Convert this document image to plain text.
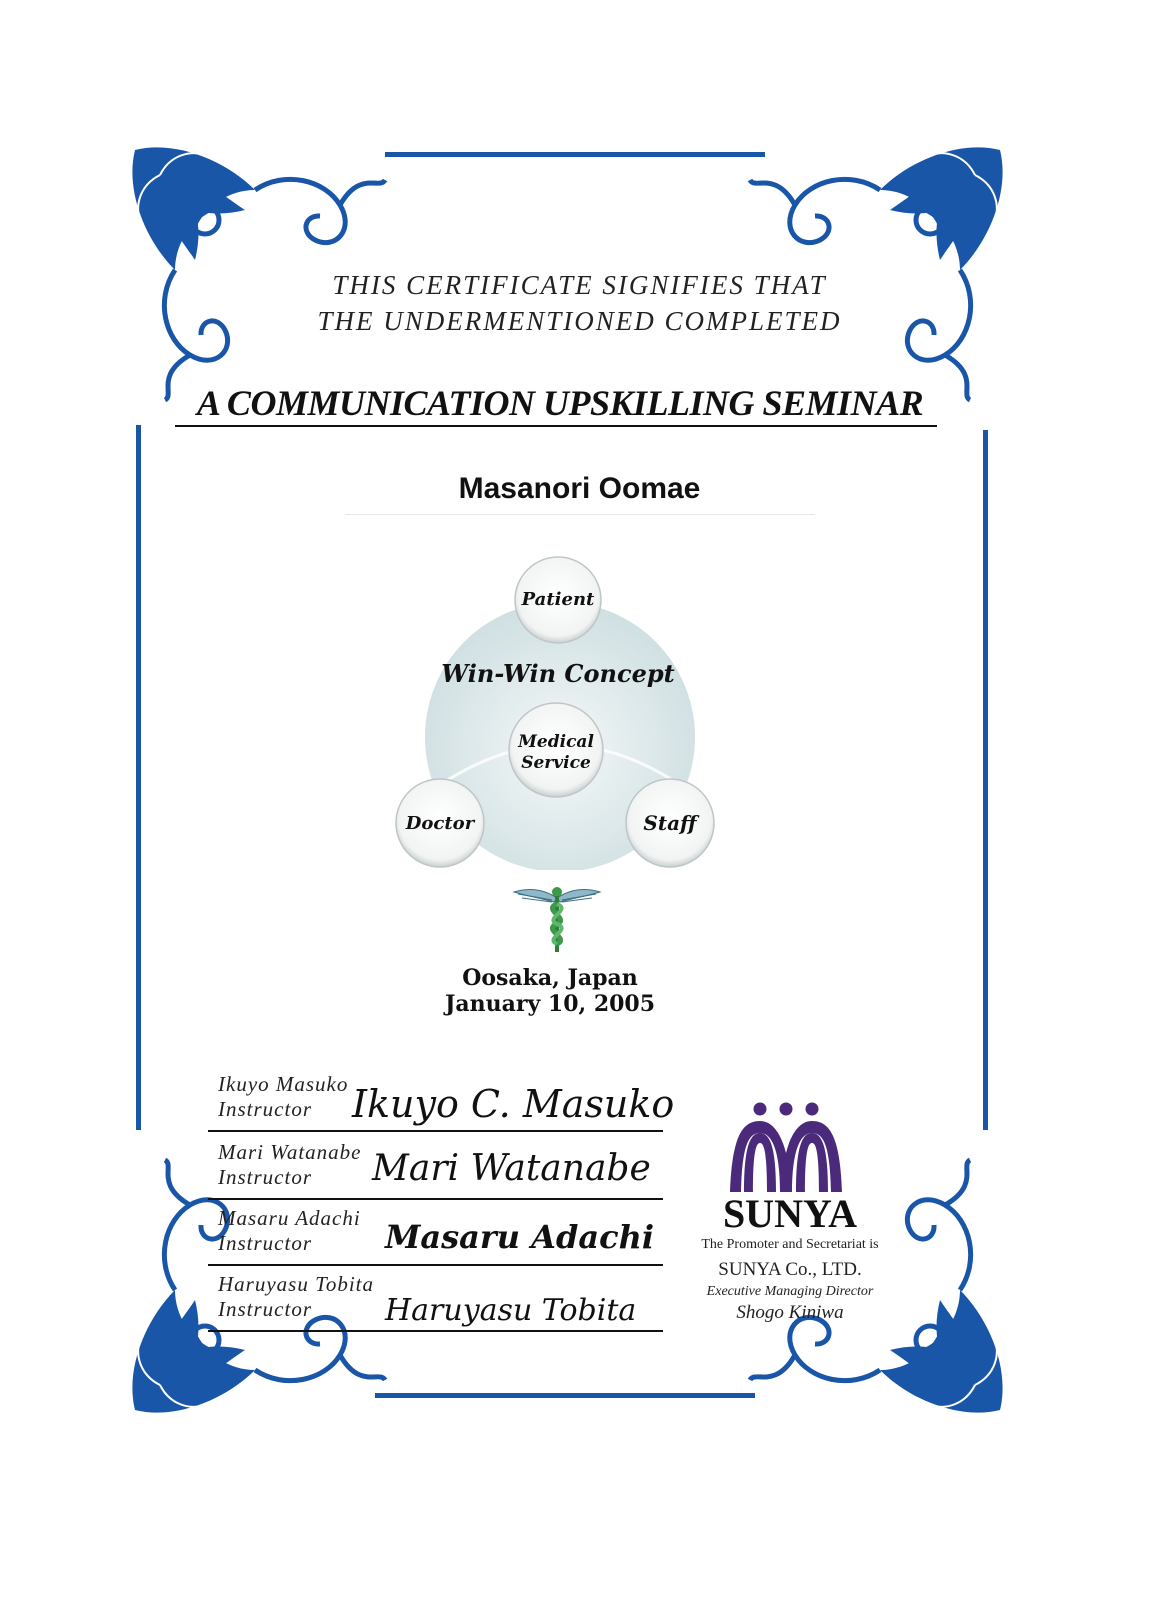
THIS CERTIFICATE SIGNIFIES THAT
THE UNDERMENTIONED COMPLETED
A COMMUNICATION UPSKILLING SEMINAR
Masanori Oomae
Patient
Win-Win Concept
Medical
Service
Doctor	Staff
Oosaka, Japan
January 10, 2005
Ikuyo Masuko
Instructor Ikuyo C. Masuko
Mari Watanabe
Instructor Mari Watanabe
Masaru Adachi
Instructor Masaru Adachi
Haruyasu Tobita
Instructor Haruyasu Tobita
SUNYA
The Promoter and Secretariat is
SUNYA Co., LTD.
Executive Managing Director
Shogo Kiniwa
